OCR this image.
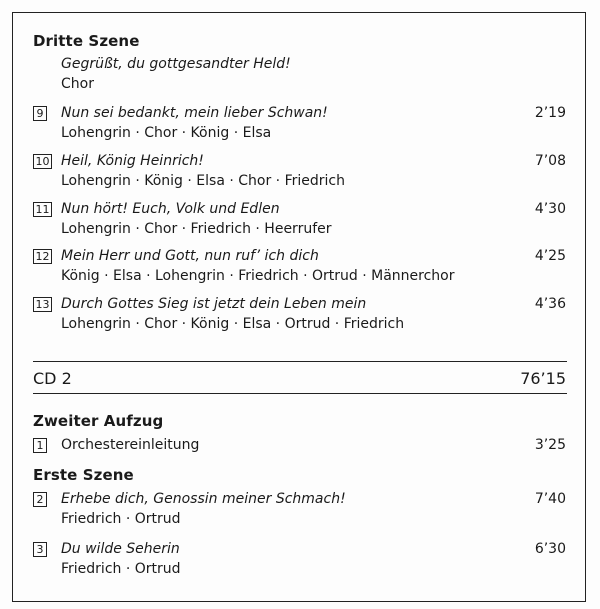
Dritte Szene
Gegrüßt, du gottgesandter Held!
Chor
9 Nun sei bedankt, mein lieber Schwan!	2’19
Lohengrin · Chor · König · Elsa
10 Heil, König Heinrich!	7’08
Lohengrin · König · Elsa · Chor · Friedrich
11 Nun hört! Euch, Volk und Edlen	4’30
Lohengrin · Chor · Friedrich · Heerrufer
12 Mein Herr und Gott, nun ruf’ ich dich	4’25
König · Elsa · Lohengrin · Friedrich · Ortrud · Männerchor
13 Durch Gottes Sieg ist jetzt dein Leben mein	4’36
Lohengrin · Chor · König · Elsa · Ortrud · Friedrich
CD 2	76’15
Zweiter Aufzug
1 Orchestereinleitung	3’25
Erste Szene
2 Erhebe dich, Genossin meiner Schmach!	7’40
Friedrich · Ortrud
3 Du wilde Seherin	6’30
Friedrich · Ortrud
